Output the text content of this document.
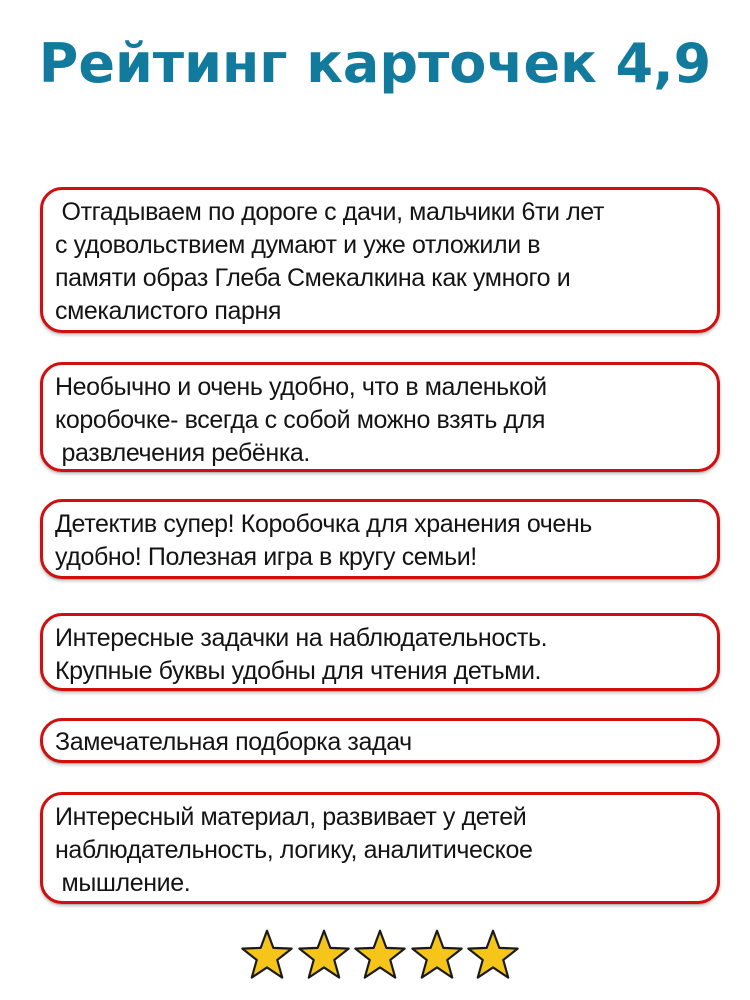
Рейтинг карточек 4,9
Отгадываем по дороге с дачи, мальчики 6ти лет
с удовольствием думают и уже отложили в
памяти образ Глеба Смекалкина как умного и
смекалистого парня
Необычно и очень удобно, что в маленькой
коробочке- всегда с собой можно взять для
развлечения ребёнка.
Детектив супер! Коробочка для хранения очень
удобно! Полезная игра в кругу семьи!
Интересные задачки на наблюдательность.
Крупные буквы удобны для чтения детьми.
Замечательная подборка задач
Интересный материал, развивает у детей
наблюдательность, логику, аналитическое
мышление.
